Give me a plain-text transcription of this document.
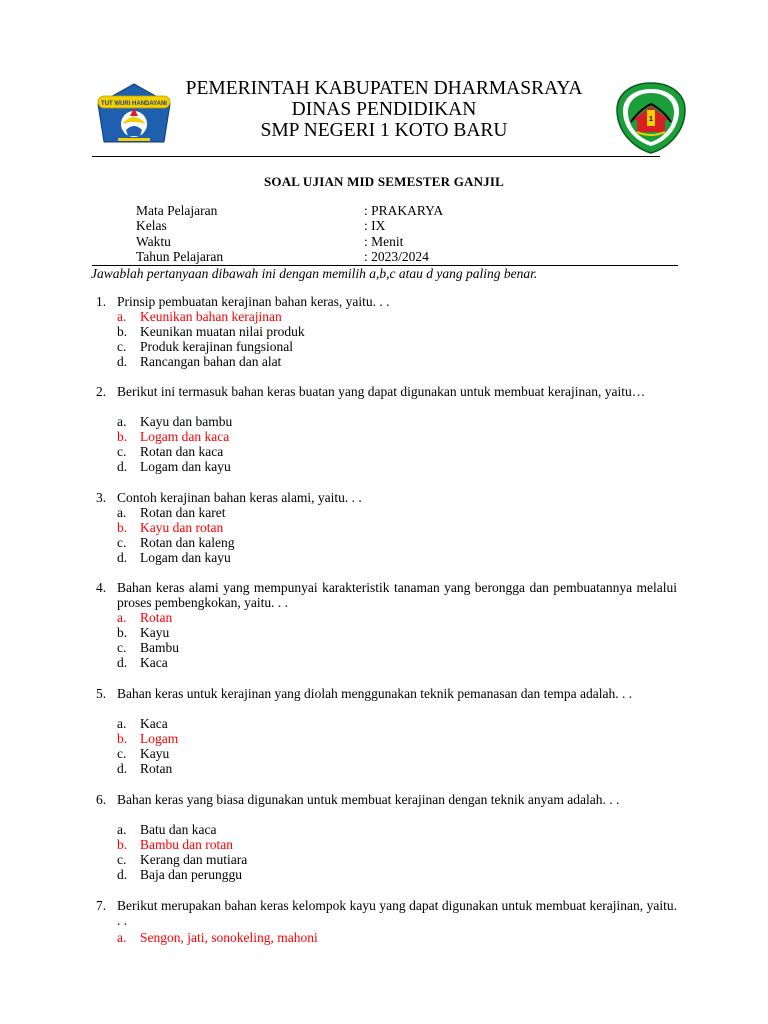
TUT WURI HANDAYANI
PEMERINTAH KABUPATEN DHARMASRAYA
DINAS PENDIDIKAN
SMP NEGERI 1 KOTO BARU
1
SOAL UJIAN MID SEMESTER GANJIL
Mata Pelajaran	: PRAKARYA
Kelas	: IX
Waktu	: Menit
Tahun Pelajaran	: 2023/2024
Jawablah pertanyaan dibawah ini dengan memilih a,b,c atau d yang paling benar.
1. Prinsip pembuatan kerajinan bahan keras, yaitu. . .
a. Keunikan bahan kerajinan
b. Keunikan muatan nilai produk
c. Produk kerajinan fungsional
d. Rancangan bahan dan alat
2. Berikut ini termasuk bahan keras buatan yang dapat digunakan untuk membuat kerajinan, yaitu…
a. Kayu dan bambu
b. Logam dan kaca
c. Rotan dan kaca
d. Logam dan kayu
3. Contoh kerajinan bahan keras alami, yaitu. . .
a. Rotan dan karet
b. Kayu dan rotan
c. Rotan dan kaleng
d. Logam dan kayu
4. Bahan keras alami yang mempunyai karakteristik tanaman yang berongga dan pembuatannya melalui proses pembengkokan, yaitu. . .
a. Rotan
b. Kayu
c. Bambu
d. Kaca
5. Bahan keras untuk kerajinan yang diolah menggunakan teknik pemanasan dan tempa adalah. . .
a. Kaca
b. Logam
c. Kayu
d. Rotan
6. Bahan keras yang biasa digunakan untuk membuat kerajinan dengan teknik anyam adalah. . .
a. Batu dan kaca
b. Bambu dan rotan
c. Kerang dan mutiara
d. Baja dan perunggu
7. Berikut merupakan bahan keras kelompok kayu yang dapat digunakan untuk membuat kerajinan, yaitu. . .
a. Sengon, jati, sonokeling, mahoni
